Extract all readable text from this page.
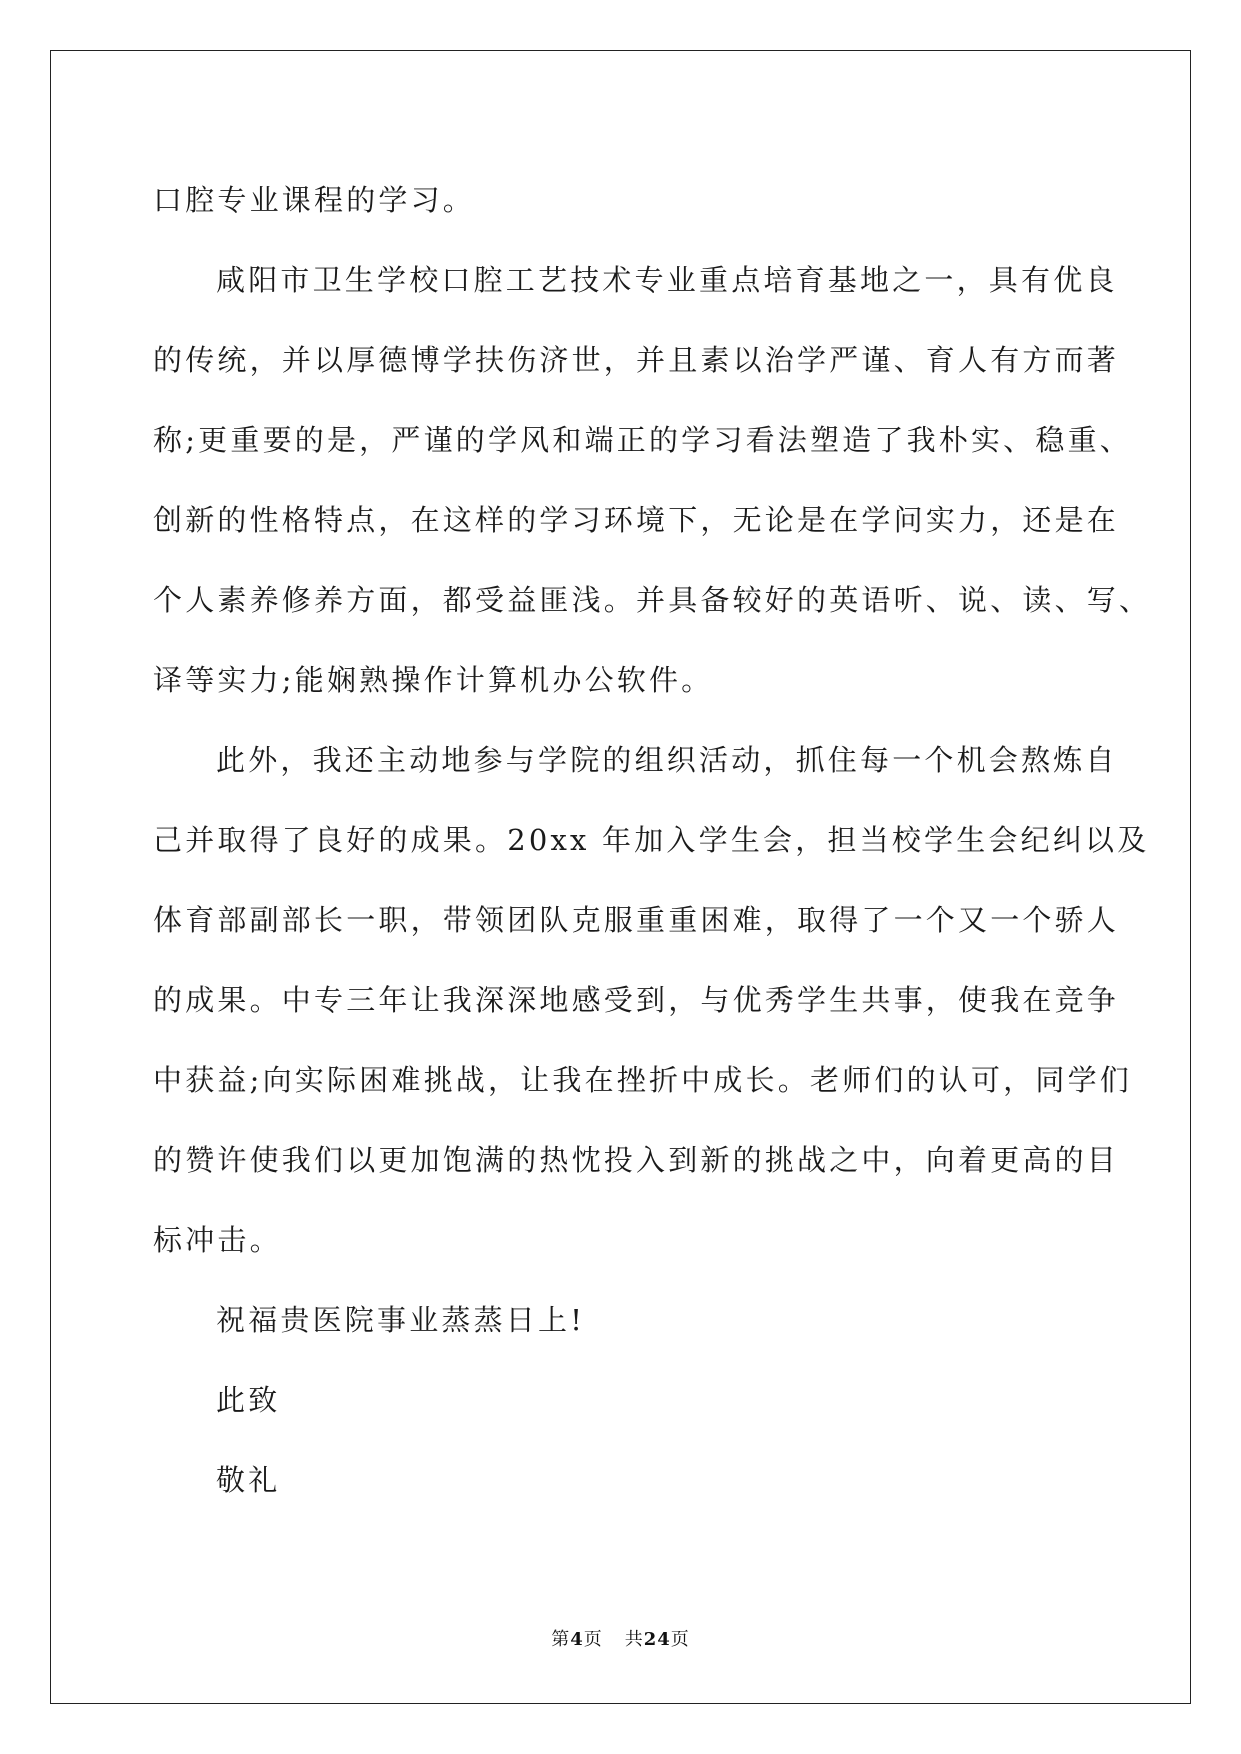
口腔专业课程的学习。
咸阳市卫生学校口腔工艺技术专业重点培育基地之一，具有优良
的传统，并以厚德博学扶伤济世，并且素以治学严谨、育人有方而著
称;更重要的是，严谨的学风和端正的学习看法塑造了我朴实、稳重、
创新的性格特点，在这样的学习环境下，无论是在学问实力，还是在
个人素养修养方面，都受益匪浅。并具备较好的英语听、说、读、写、
译等实力;能娴熟操作计算机办公软件。
此外，我还主动地参与学院的组织活动，抓住每一个机会熬炼自
己并取得了良好的成果。20xx 年加入学生会，担当校学生会纪纠以及
体育部副部长一职，带领团队克服重重困难，取得了一个又一个骄人
的成果。中专三年让我深深地感受到，与优秀学生共事，使我在竞争
中获益;向实际困难挑战，让我在挫折中成长。老师们的认可，同学们
的赞许使我们以更加饱满的热忱投入到新的挑战之中，向着更高的目
标冲击。
祝福贵医院事业蒸蒸日上!
此致
敬礼
第4页 共24页
